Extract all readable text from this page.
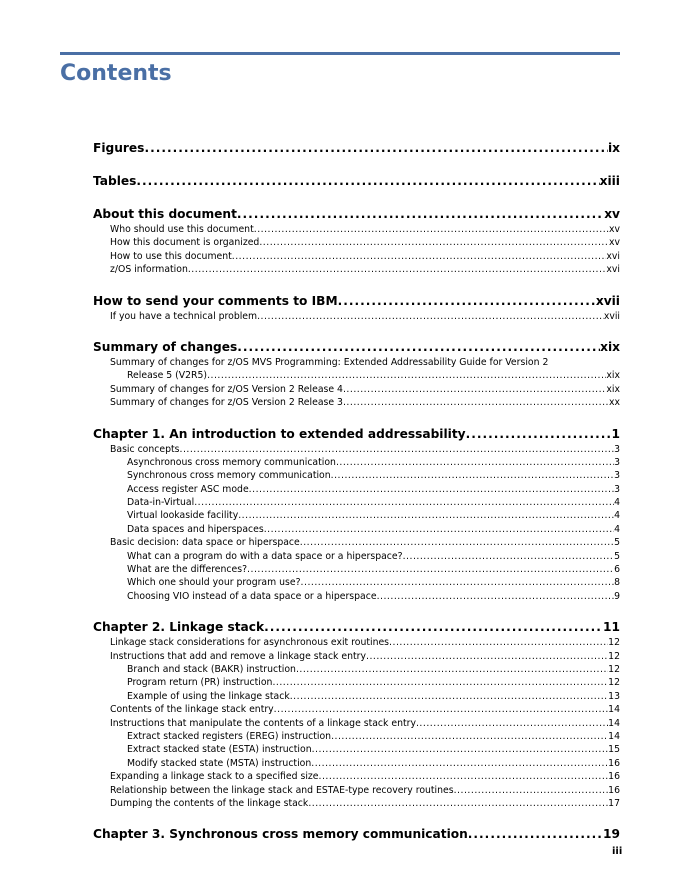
Contents
Figures .....	ix
Tables .....	xiii
About this document .....	xv
Who should use this document .....	xv
How this document is organized .....	xv
How to use this document .....	xvi
z/OS information .....	xvi
How to send your comments to IBM .....	xvii
If you have a technical problem .....	xvii
Summary of changes .....	xix
Summary of changes for z/OS MVS Programming: Extended Addressability Guide for Version 2
Release 5 (V2R5) .....	xix
Summary of changes for z/OS Version 2 Release 4 .....	xix
Summary of changes for z/OS Version 2 Release 3 .....	xx
Chapter 1. An introduction to extended addressability .....	1
Basic concepts .....	3
Asynchronous cross memory communication .....	3
Synchronous cross memory communication .....	3
Access register ASC mode .....	3
Data-in-Virtual .....	4
Virtual lookaside facility .....	4
Data spaces and hiperspaces .....	4
Basic decision: data space or hiperspace .....	5
What can a program do with a data space or a hiperspace? .....	5
What are the differences? .....	6
Which one should your program use? .....	8
Choosing VIO instead of a data space or a hiperspace .....	9
Chapter 2. Linkage stack .....	11
Linkage stack considerations for asynchronous exit routines .....	12
Instructions that add and remove a linkage stack entry .....	12
Branch and stack (BAKR) instruction .....	12
Program return (PR) instruction .....	12
Example of using the linkage stack .....	13
Contents of the linkage stack entry .....	14
Instructions that manipulate the contents of a linkage stack entry .....	14
Extract stacked registers (EREG) instruction .....	14
Extract stacked state (ESTA) instruction .....	15
Modify stacked state (MSTA) instruction .....	16
Expanding a linkage stack to a specified size .....	16
Relationship between the linkage stack and ESTAE-type recovery routines .....	16
Dumping the contents of the linkage stack .....	17
Chapter 3. Synchronous cross memory communication .....	19
iii
